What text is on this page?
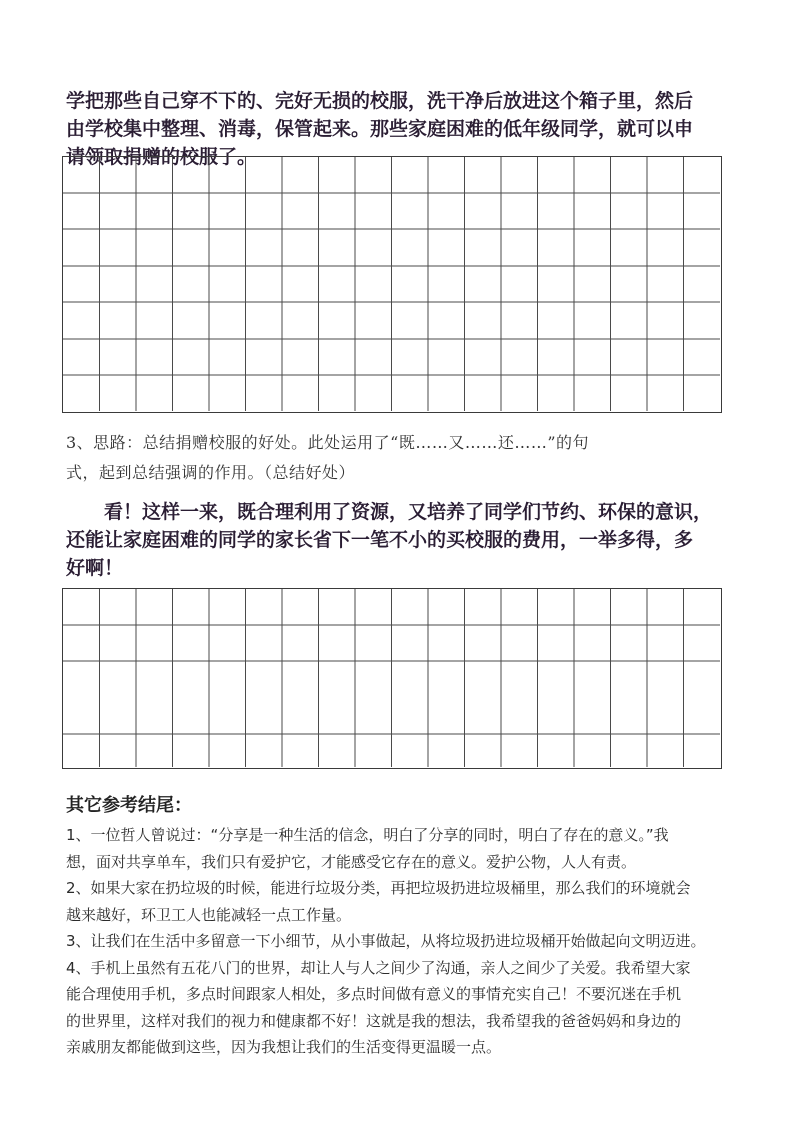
学把那些自己穿不下的、完好无损的校服，洗干净后放进这个箱子里，然后

由学校集中整理、消毒，保管起来。那些家庭困难的低年级同学，就可以申

请领取捐赠的校服了。

3、思路：总结捐赠校服的好处。此处运用了“既……又……还……”的句

式，起到总结强调的作用。（总结好处）

看！这样一来，既合理利用了资源，又培养了同学们节约、环保的意识，

还能让家庭困难的同学的家长省下一笔不小的买校服的费用，一举多得，多

好啊！

其它参考结尾：

1、一位哲人曾说过：“分享是一种生活的信念，明白了分享的同时，明白了存在的意义。”我

想，面对共享单车，我们只有爱护它，才能感受它存在的意义。爱护公物，人人有责。

2、如果大家在扔垃圾的时候，能进行垃圾分类，再把垃圾扔进垃圾桶里，那么我们的环境就会

越来越好，环卫工人也能减轻一点工作量。

3、让我们在生活中多留意一下小细节，从小事做起，从将垃圾扔进垃圾桶开始做起向文明迈进。

4、手机上虽然有五花八门的世界，却让人与人之间少了沟通，亲人之间少了关爱。我希望大家

能合理使用手机，多点时间跟家人相处，多点时间做有意义的事情充实自己！不要沉迷在手机

的世界里，这样对我们的视力和健康都不好！这就是我的想法，我希望我的爸爸妈妈和身边的

亲戚朋友都能做到这些，因为我想让我们的生活变得更温暖一点。
